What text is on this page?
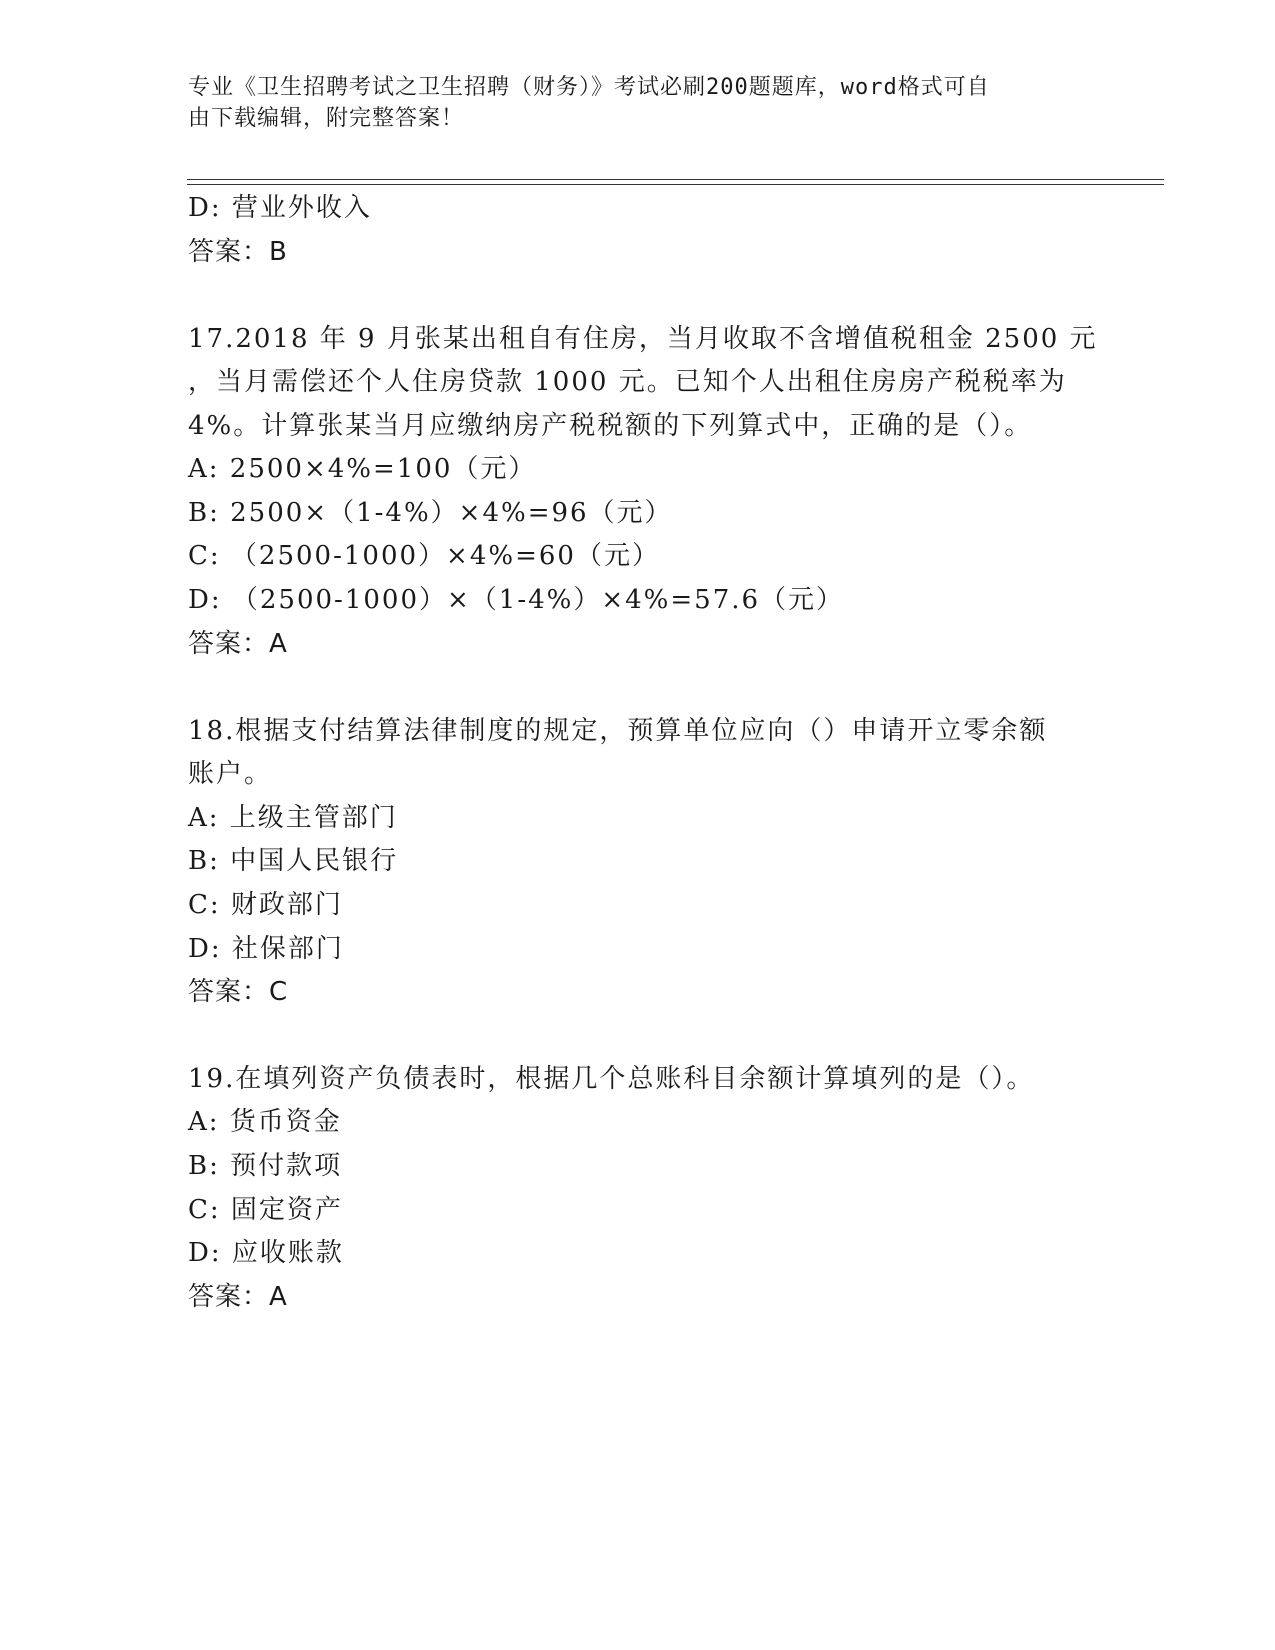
专业《卫生招聘考试之卫生招聘（财务）》考试必刷200题题库，word格式可自
由下载编辑，附完整答案！
D: 营业外收入
答案：B
17.2018 年 9 月张某出租自有住房，当月收取不含增值税租金 2500 元
，当月需偿还个人住房贷款 1000 元。已知个人出租住房房产税税率为
4%。计算张某当月应缴纳房产税税额的下列算式中，正确的是（）。
A: 2500×4%=100（元）
B: 2500×（1-4%）×4%=96（元）
C: （2500-1000）×4%=60（元）
D: （2500-1000）×（1-4%）×4%=57.6（元）
答案：A
18.根据支付结算法律制度的规定，预算单位应向（）申请开立零余额
账户。
A: 上级主管部门
B: 中国人民银行
C: 财政部门
D: 社保部门
答案：C
19.在填列资产负债表时，根据几个总账科目余额计算填列的是（）。
A: 货币资金
B: 预付款项
C: 固定资产
D: 应收账款
答案：A
